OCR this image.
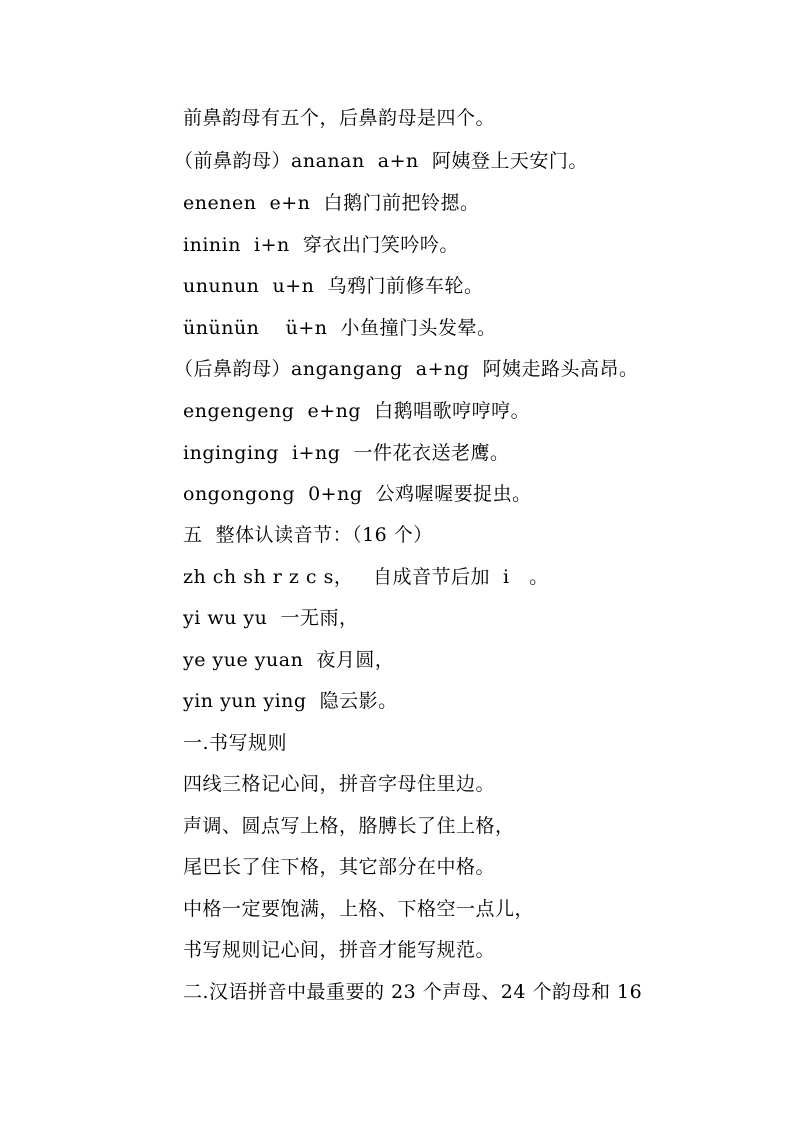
前鼻韵母有五个，后鼻韵母是四个。
（前鼻韵母）ananan  a+n  阿姨登上天安门。
enenen  e+n  白鹅门前把铃摁。
ininin  i+n  穿衣出门笑吟吟。
ununun  u+n  乌鸦门前修车轮。
ününün    ü+n  小鱼撞门头发晕。
（后鼻韵母）angangang  a+ng  阿姨走路头高昂。
engengeng  e+ng  白鹅唱歌哼哼哼。
inginging  i+ng  一件花衣送老鹰。
ongongong  0+ng  公鸡喔喔要捉虫。
五  整体认读音节：（16 个）
zh ch sh r z c s，   自成音节后加  i   。
yi wu yu  一无雨，
ye yue yuan  夜月圆，
yin yun ying  隐云影。
一.书写规则
四线三格记心间，拼音字母住里边。
声调、圆点写上格，胳膊长了住上格，
尾巴长了住下格，其它部分在中格。
中格一定要饱满，上格、下格空一点儿，
书写规则记心间，拼音才能写规范。
二.汉语拼音中最重要的 23 个声母、24 个韵母和 16
